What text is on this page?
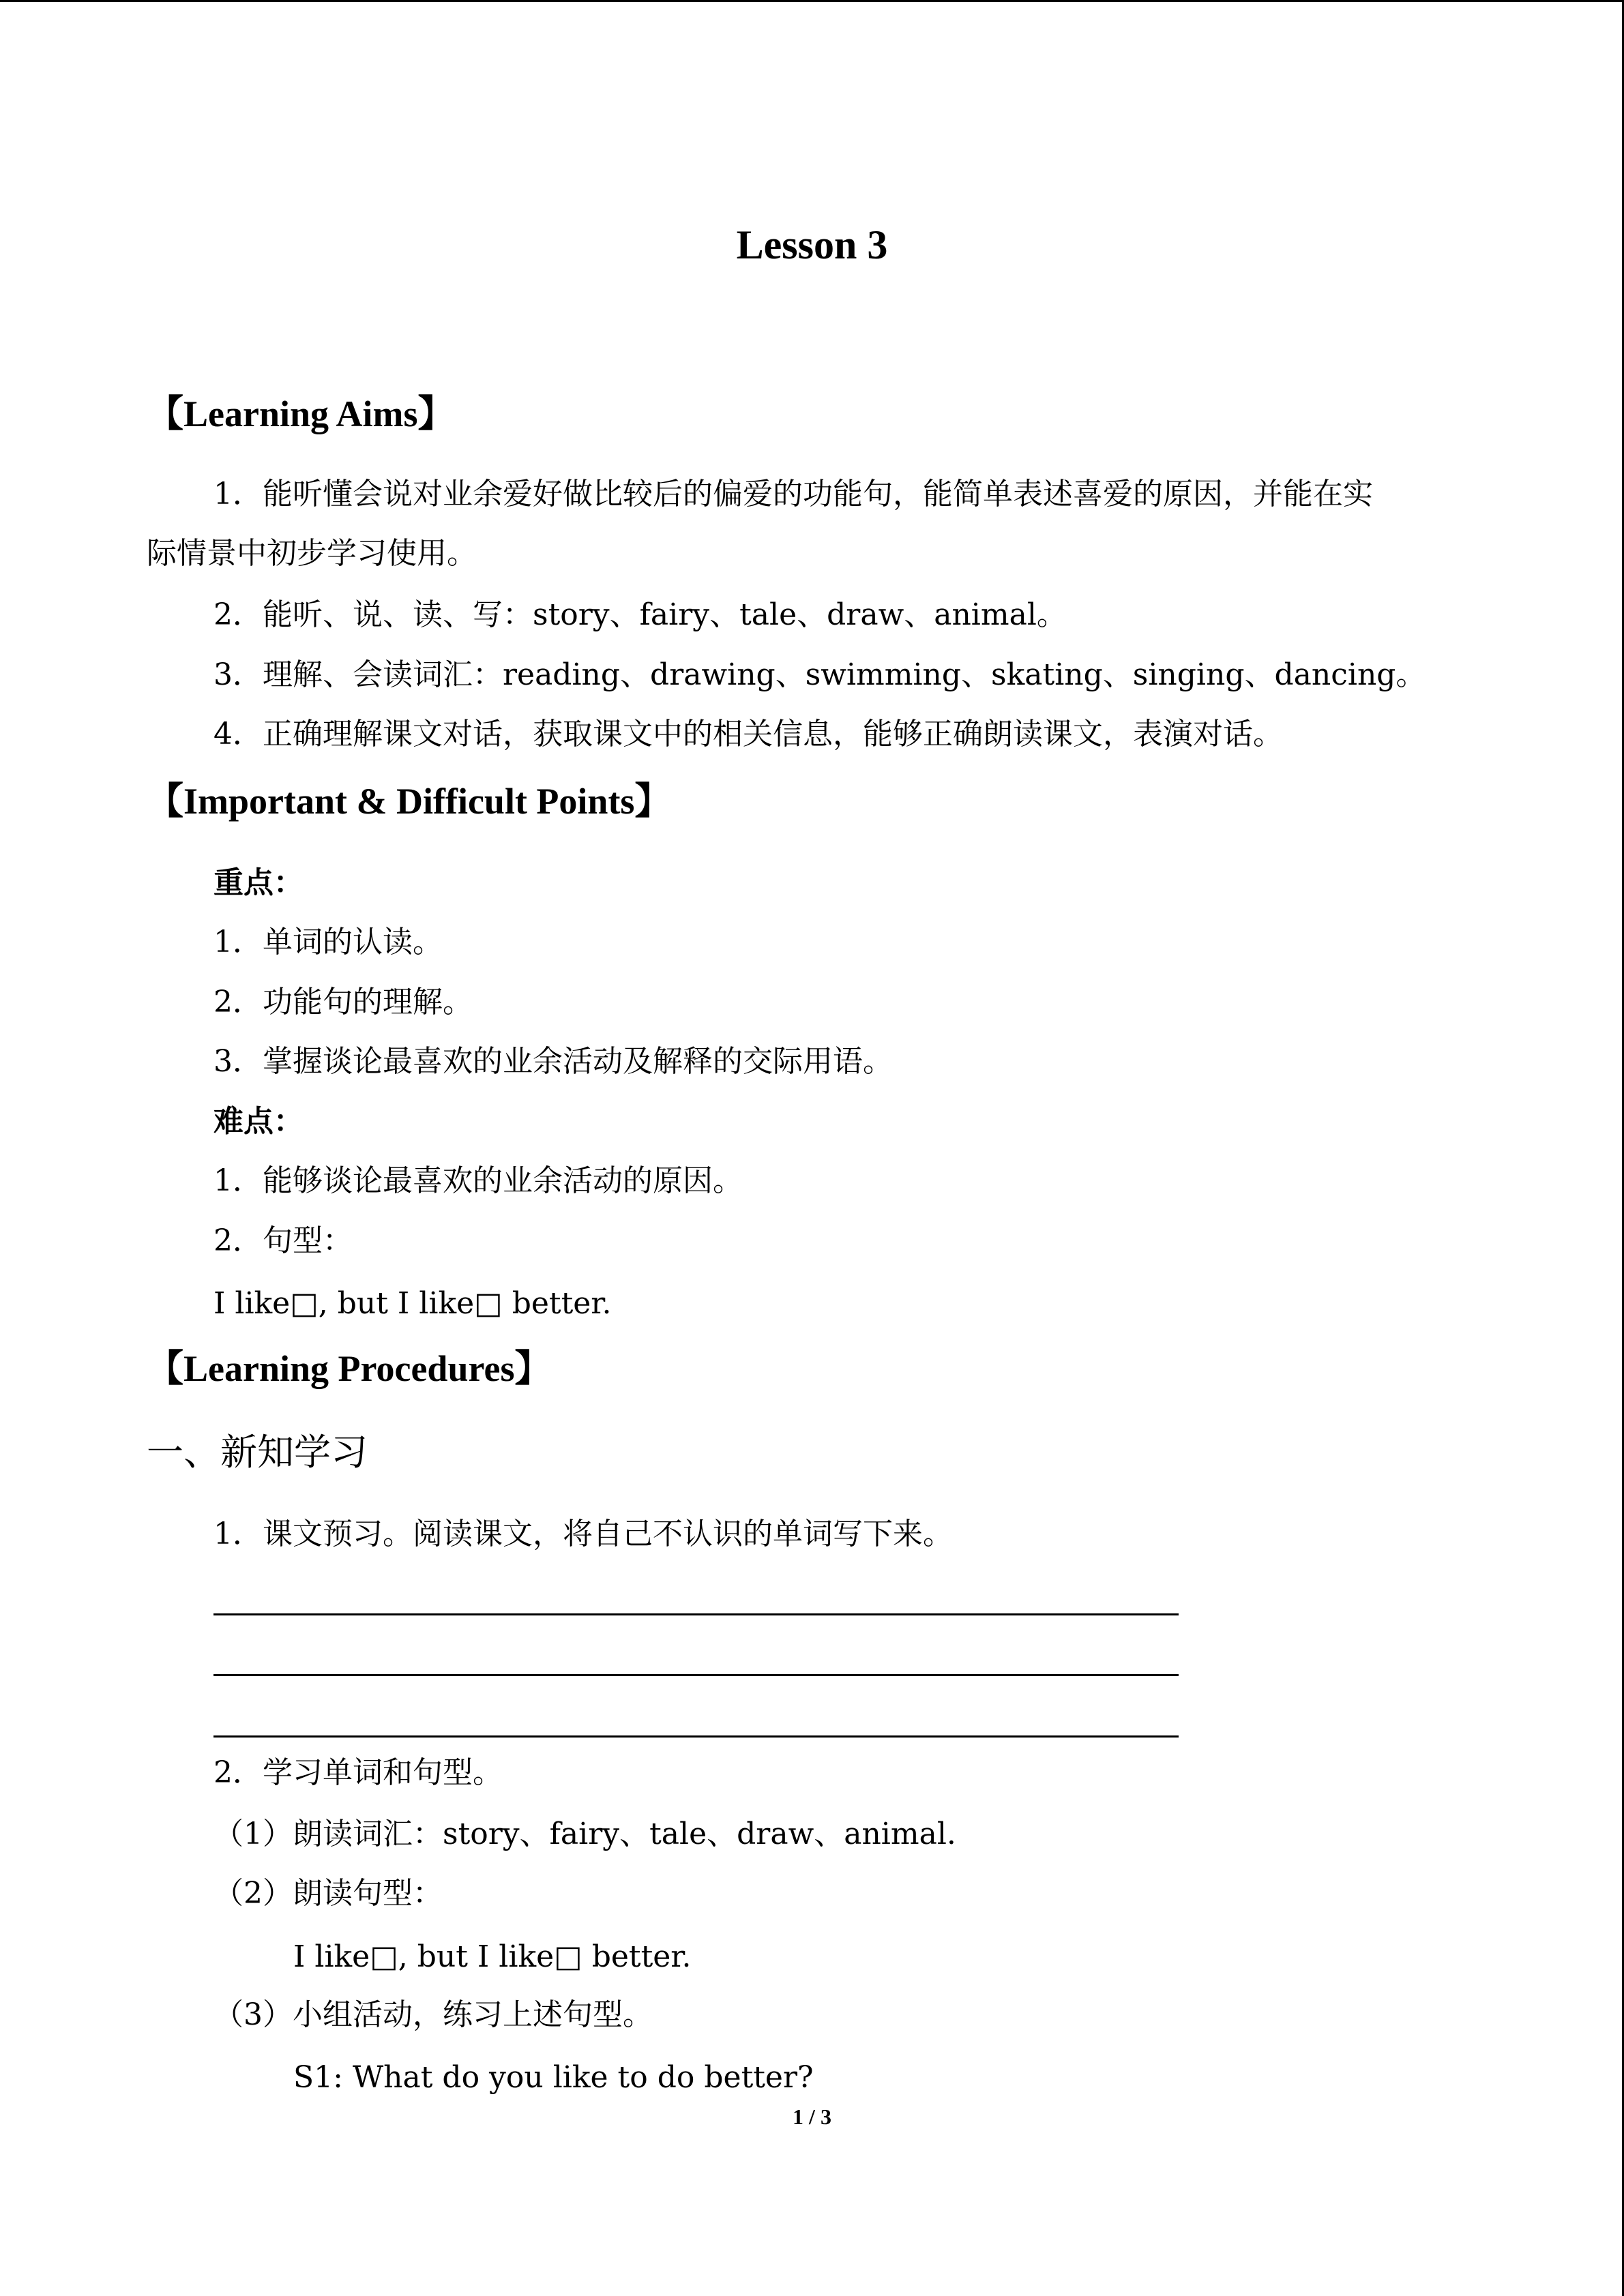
Lesson 3
【Learning Aims】
1．能听懂会说对业余爱好做比较后的偏爱的功能句，能简单表述喜爱的原因，并能在实
际情景中初步学习使用。
2．能听、说、读、写：story、fairy、tale、draw、animal。
3．理解、会读词汇：reading、drawing、swimming、skating、singing、dancing。
4．正确理解课文对话，获取课文中的相关信息，能够正确朗读课文，表演对话。
【Important & Difficult Points】
重点：
1．单词的认读。
2．功能句的理解。
3．掌握谈论最喜欢的业余活动及解释的交际用语。
难点：
1．能够谈论最喜欢的业余活动的原因。
2．句型：
I like□, but I like□ better.
【Learning Procedures】
一、新知学习
1．课文预习。阅读课文，将自己不认识的单词写下来。
2．学习单词和句型。
（1）朗读词汇：story、fairy、tale、draw、animal.
（2）朗读句型：
I like□, but I like□ better.
（3）小组活动，练习上述句型。
S1: What do you like to do better?
1 / 3
